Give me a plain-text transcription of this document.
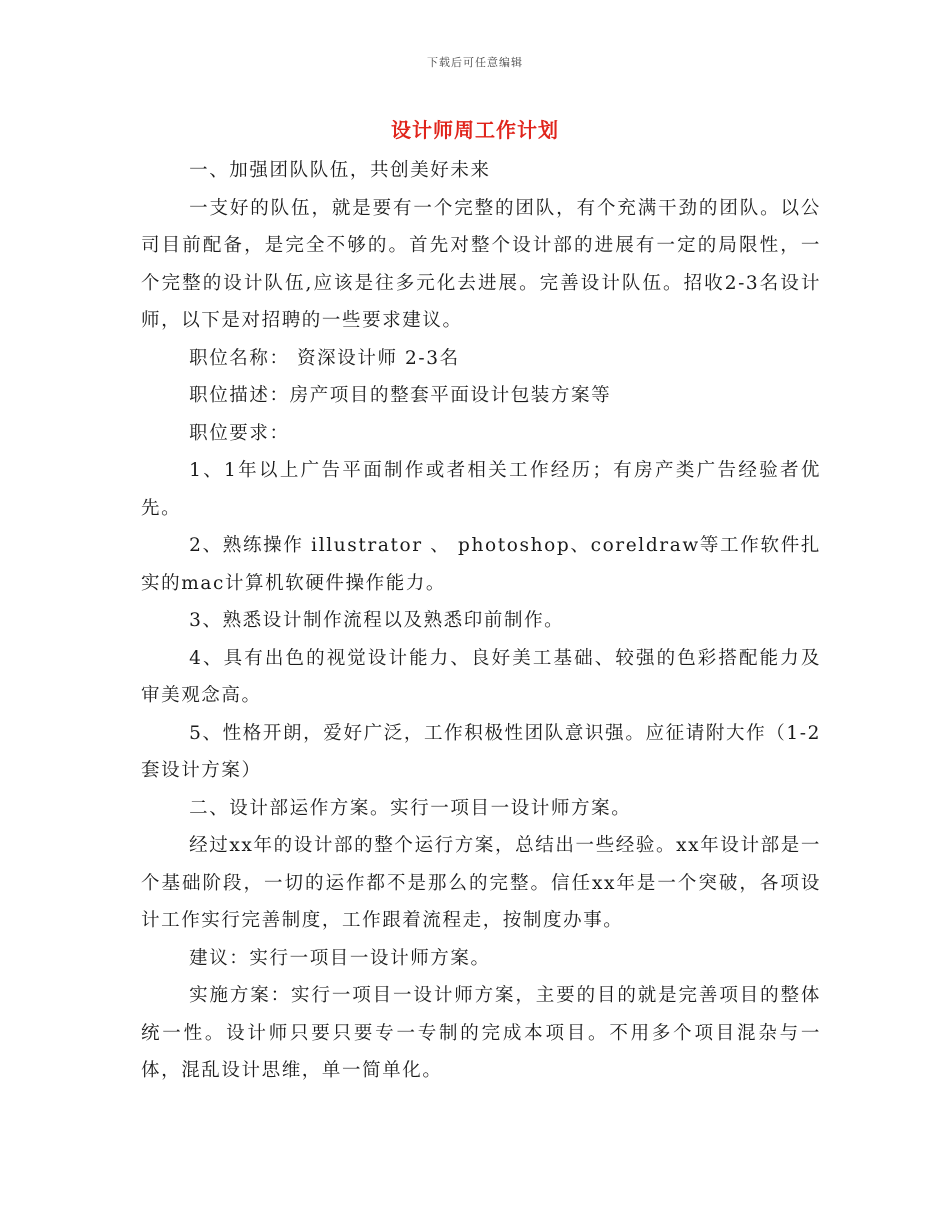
下载后可任意编辑
设计师周工作计划

一、加强团队队伍，共创美好未来

一支好的队伍，就是要有一个完整的团队，有个充满干劲的团队。以公司目前配备，是完全不够的。首先对整个设计部的进展有一定的局限性，一个完整的设计队伍,应该是往多元化去进展。完善设计队伍。招收2-3名设计师，以下是对招聘的一些要求建议。

职位名称： 资深设计师 2-3名

职位描述：房产项目的整套平面设计包装方案等

职位要求：

1、1年以上广告平面制作或者相关工作经历；有房产类广告经验者优先。

2、熟练操作 illustrator 、 photoshop、coreldraw等工作软件扎实的mac计算机软硬件操作能力。

3、熟悉设计制作流程以及熟悉印前制作。

4、具有出色的视觉设计能力、良好美工基础、较强的色彩搭配能力及审美观念高。

5、性格开朗，爱好广泛，工作积极性团队意识强。应征请附大作（1-2套设计方案）

二、设计部运作方案。实行一项目一设计师方案。

经过xx年的设计部的整个运行方案，总结出一些经验。xx年设计部是一个基础阶段，一切的运作都不是那么的完整。信任xx年是一个突破，各项设计工作实行完善制度，工作跟着流程走，按制度办事。

建议：实行一项目一设计师方案。

实施方案：实行一项目一设计师方案，主要的目的就是完善项目的整体统一性。设计师只要只要专一专制的完成本项目。不用多个项目混杂与一体，混乱设计思维，单一简单化。
